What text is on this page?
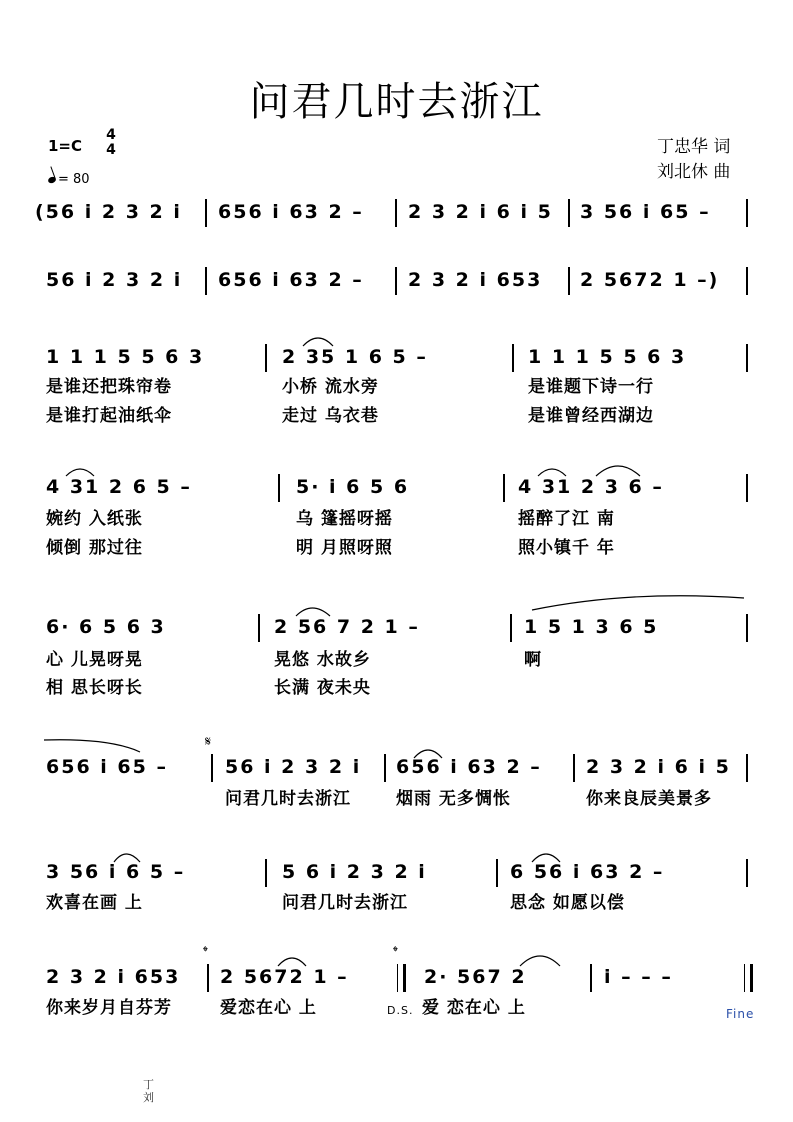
问君几时去浙江
1=C
4
4
= 80
丁忠华 词
刘北休 曲
(56 i 2 3 2 i 656 i 63 2 – 2 3 2 i 6 i 5 3 56 i 65 –
56 i 2 3 2 i 656 i 63 2 – 2 3 2 i 653 2 5672 1 –)
1 1 1 5 5 6 3	2 35 1 6 5 –	1 1 1 5 5 6 3
是谁还把珠帘卷	小桥 流水旁	是谁题下诗一行
是谁打起油纸伞	走过 乌衣巷	是谁曾经西湖边
4 31 2 6 5 –	5· i 6 5 6	4 31 2 3 6 –
婉约 入纸张	乌 篷摇呀摇	摇醉了江 南
倾倒 那过往	明 月照呀照	照小镇千 年
6· 6 5 6 3	2 56 7 2 1 –	1 5 1 3 6 5
心 儿晃呀晃	晃悠 水故乡	啊
相 思长呀长	长满 夜未央
656 i 65 –
𝄋
56 i 2 3 2 i 656 i 63 2 – 2 3 2 i 6 i 5
问君几时去浙江	烟雨 无多惆怅	你来良辰美景多
3 56 i 6 5 –	5 6 i 2 3 2 i	6 56 i 63 2 –
欢喜在画 上	问君几时去浙江	思念 如愿以偿
2 3 2 i 653
𝄌
2 5672 1 –
𝄌
2· 567 2	i – – –
你来岁月自芬芳	爱恋在心 上	D.S. 爱 恋在心 上	Fine
丁
刘
